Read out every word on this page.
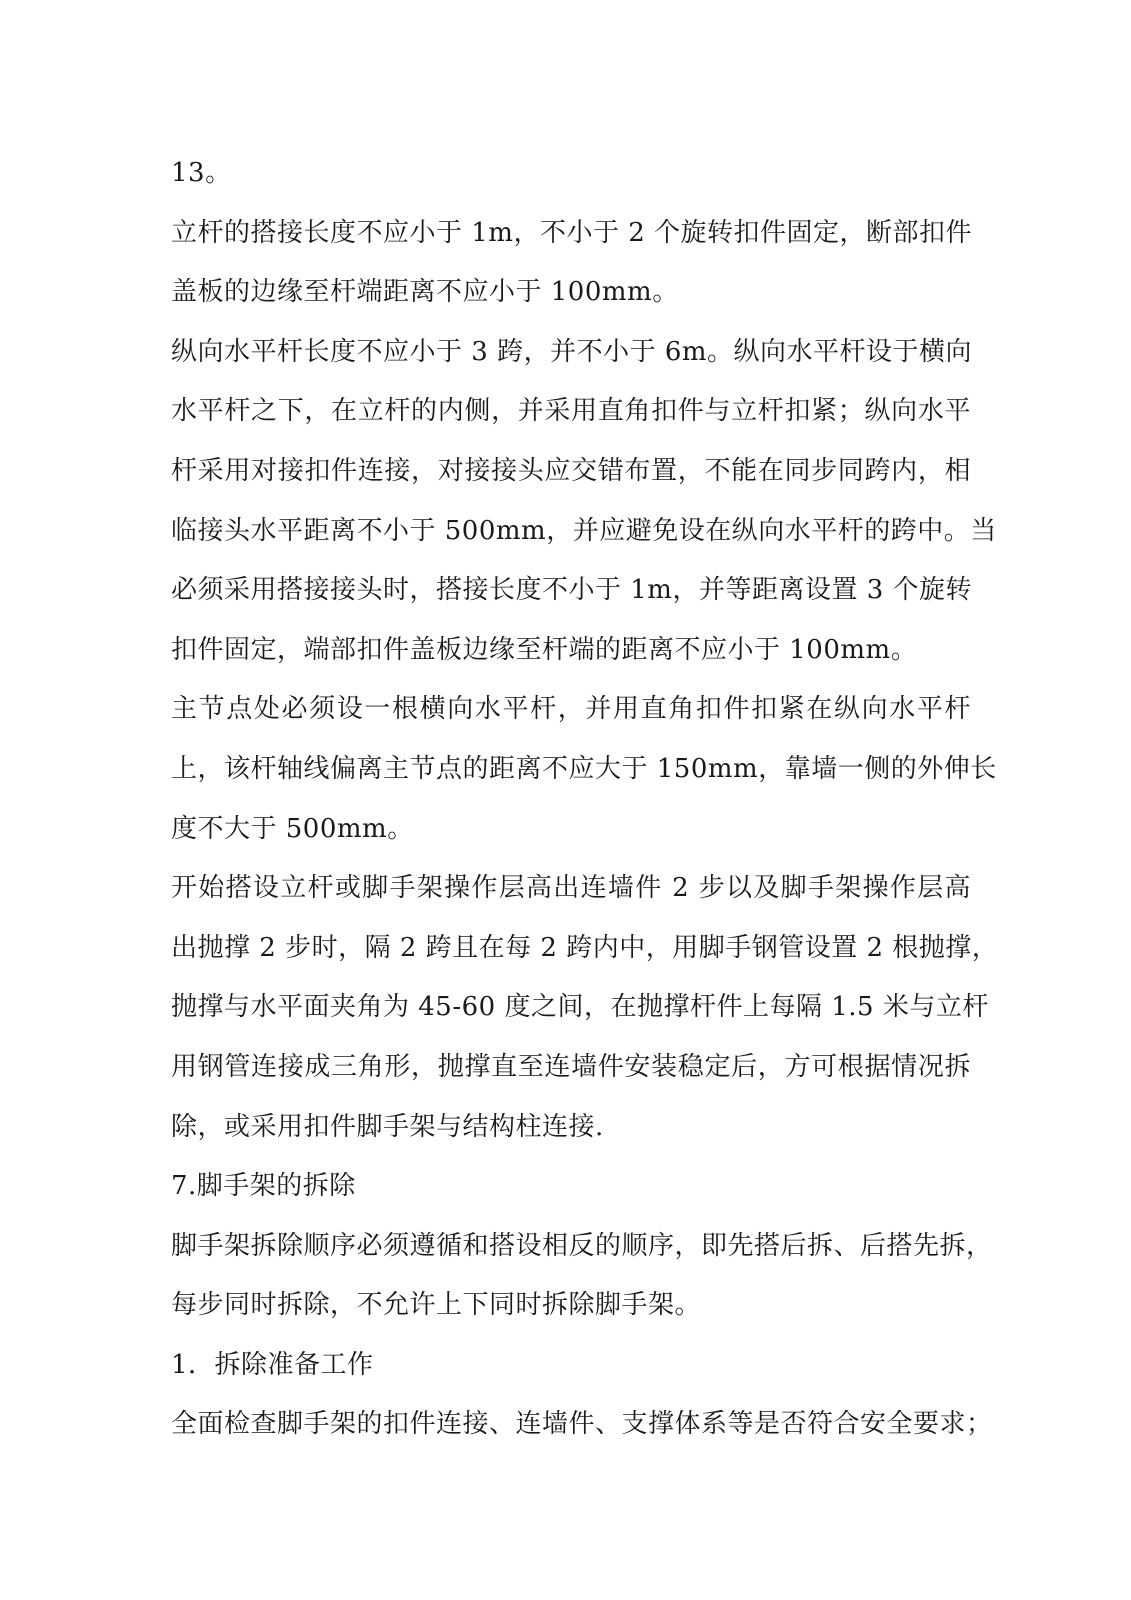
13。
立杆的搭接长度不应小于 1m，不小于 2 个旋转扣件固定，断部扣件
盖板的边缘至杆端距离不应小于 100mm。
纵向水平杆长度不应小于 3 跨，并不小于 6m。纵向水平杆设于横向
水平杆之下，在立杆的内侧，并采用直角扣件与立杆扣紧；纵向水平
杆采用对接扣件连接，对接接头应交错布置，不能在同步同跨内，相
临接头水平距离不小于 500mm，并应避免设在纵向水平杆的跨中。当
必须采用搭接接头时，搭接长度不小于 1m，并等距离设置 3 个旋转
扣件固定，端部扣件盖板边缘至杆端的距离不应小于 100mm。
主节点处必须设一根横向水平杆，并用直角扣件扣紧在纵向水平杆
上，该杆轴线偏离主节点的距离不应大于 150mm，靠墙一侧的外伸长
度不大于 500mm。
开始搭设立杆或脚手架操作层高出连墙件 2 步以及脚手架操作层高
出抛撑 2 步时，隔 2 跨且在每 2 跨内中，用脚手钢管设置 2 根抛撑，
抛撑与水平面夹角为 45-60 度之间，在抛撑杆件上每隔 1.5 米与立杆
用钢管连接成三角形，抛撑直至连墙件安装稳定后，方可根据情况拆
除，或采用扣件脚手架与结构柱连接.
7.脚手架的拆除
脚手架拆除顺序必须遵循和搭设相反的顺序，即先搭后拆、后搭先拆，
每步同时拆除，不允许上下同时拆除脚手架。
1．拆除准备工作
全面检查脚手架的扣件连接、连墙件、支撑体系等是否符合安全要求；
